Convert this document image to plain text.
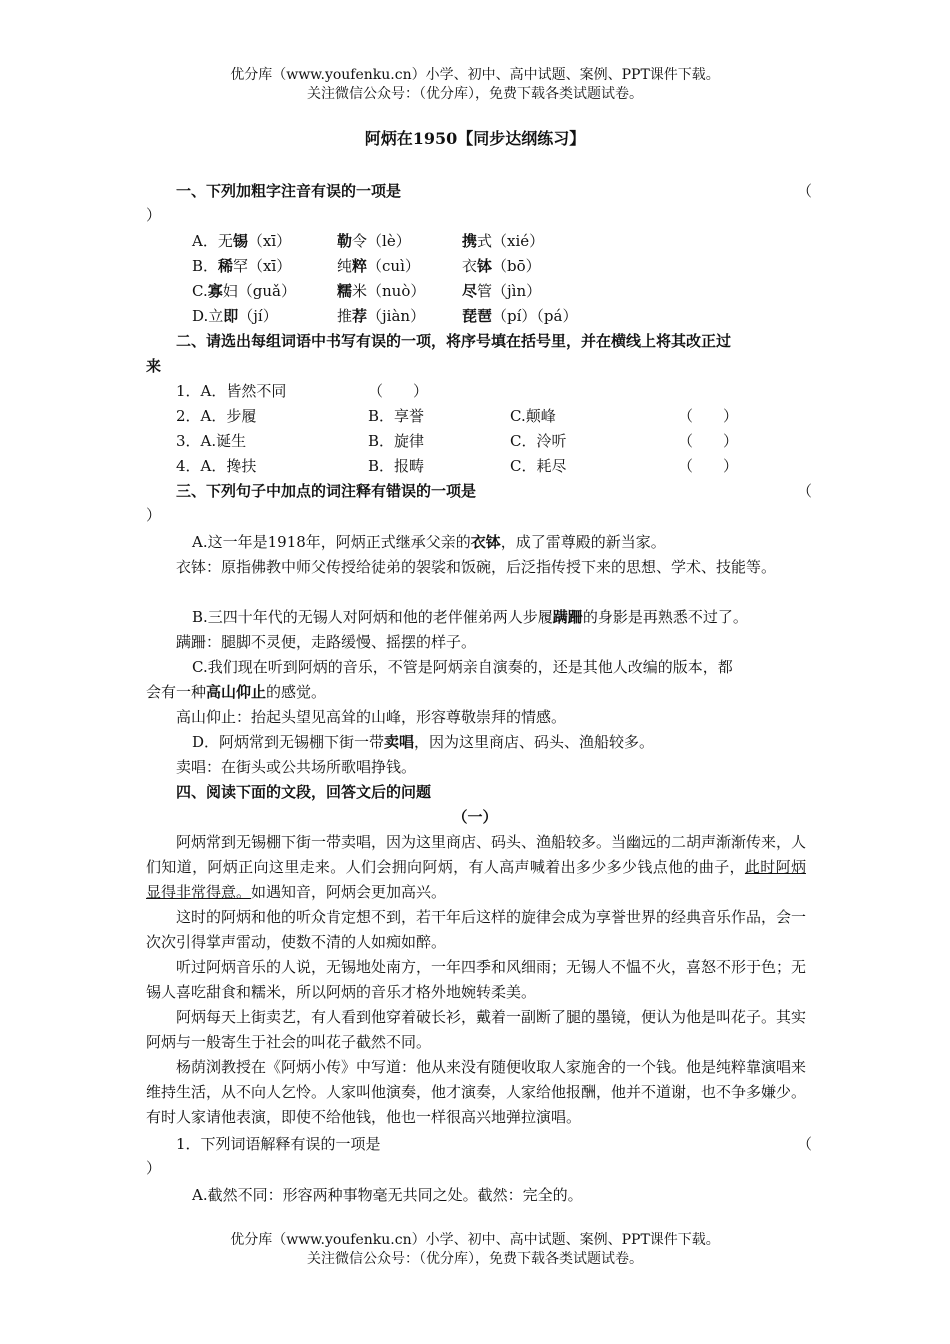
优分库（www.youfenku.cn）小学、初中、高中试题、案例、PPT课件下载。
关注微信公众号：（优分库），免费下载各类试题试卷。
阿炳在1950【同步达纲练习】
一、下列加粗字注音有误的一项是	（
）
A．无锡（xī）	勒令（lè）	携式（xié）
B．稀罕（xī）	纯粹（cuì）	衣钵（bō）
C.寡妇（guǎ）	糯米（nuò） 尽管（jìn）
D.立即（jí）	推荐（jiàn） 琵琶（pí）（pá）
二、请选出每组词语中书写有误的一项，将序号填在括号里，并在横线上将其改正过
来
1．A．皆然不同	（　　）
2．A．步履	B．享誉	C.颠峰	（　　）
3．A.诞生	B．旋律	C．泠听	（　　）
4．A．搀扶	B．报畴	C．耗尽	（　　）
三、下列句子中加点的词注释有错误的一项是	（
）
A.这一年是1918年，阿炳正式继承父亲的衣钵，成了雷尊殿的新当家。
衣钵：原指佛教中师父传授给徒弟的袈裟和饭碗，后泛指传授下来的思想、学术、技能等。
B.三四十年代的无锡人对阿炳和他的老伴催弟两人步履蹒跚的身影是再熟悉不过了。
蹒跚：腿脚不灵便，走路缓慢、摇摆的样子。
C.我们现在听到阿炳的音乐，不管是阿炳亲自演奏的，还是其他人改编的版本，都
会有一种高山仰止的感觉。
高山仰止：抬起头望见高耸的山峰，形容尊敬崇拜的情感。
D．阿炳常到无锡棚下街一带卖唱，因为这里商店、码头、渔船较多。
卖唱：在街头或公共场所歌唱挣钱。
四、阅读下面的文段，回答文后的问题
（一）
阿炳常到无锡棚下街一带卖唱，因为这里商店、码头、渔船较多。当幽远的二胡声渐渐传来，人们知道，阿炳正向这里走来。人们会拥向阿炳，有人高声喊着出多少多少钱点他的曲子，此时阿炳显得非常得意。如遇知音，阿炳会更加高兴。
这时的阿炳和他的听众肯定想不到，若干年后这样的旋律会成为享誉世界的经典音乐作品，会一次次引得掌声雷动，使数不清的人如痴如醉。
听过阿炳音乐的人说，无锡地处南方，一年四季和风细雨；无锡人不愠不火，喜怒不形于色；无锡人喜吃甜食和糯米，所以阿炳的音乐才格外地婉转柔美。
阿炳每天上街卖艺，有人看到他穿着破长衫，戴着一副断了腿的墨镜，便认为他是叫花子。其实阿炳与一般寄生于社会的叫花子截然不同。
杨荫浏教授在《阿炳小传》中写道：他从来没有随便收取人家施舍的一个钱。他是纯粹靠演唱来维持生活，从不向人乞怜。人家叫他演奏，他才演奏，人家给他报酬，他并不道谢，也不争多嫌少。有时人家请他表演，即使不给他钱，他也一样很高兴地弹拉演唱。
1．下列词语解释有误的一项是	（
）
A.截然不同：形容两种事物毫无共同之处。截然：完全的。
优分库（www.youfenku.cn）小学、初中、高中试题、案例、PPT课件下载。
关注微信公众号：（优分库），免费下载各类试题试卷。
